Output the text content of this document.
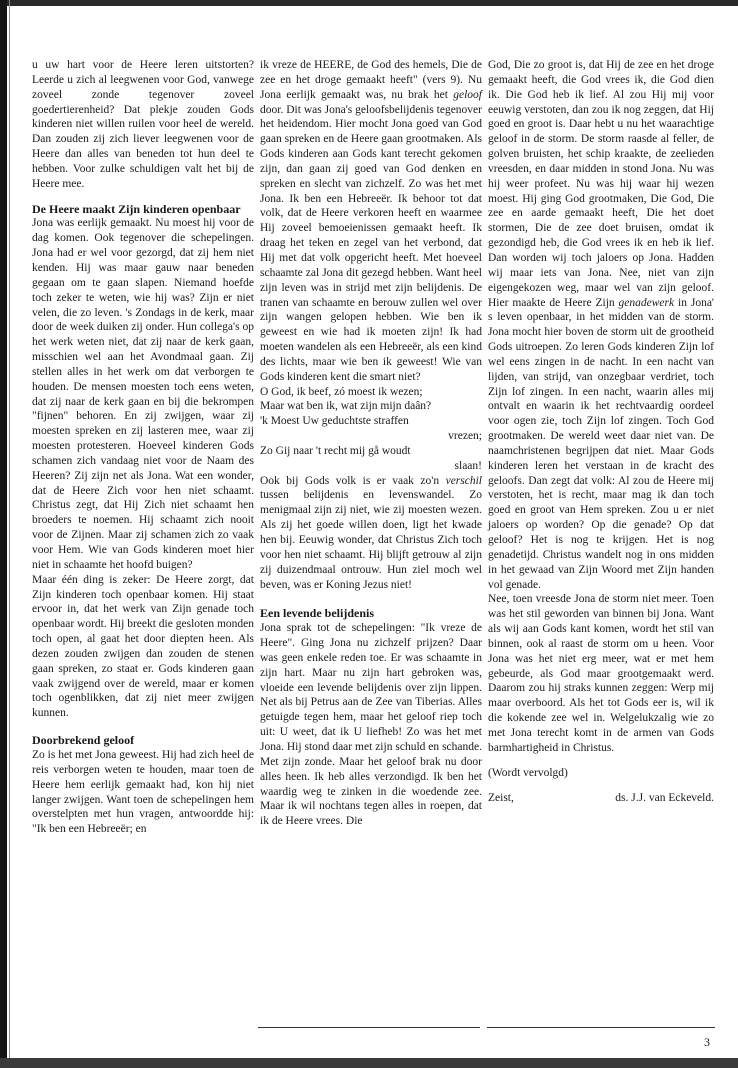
u uw hart voor de Heere leren uitstorten? Leerde u zich al leegwenen voor God, vanwege zoveel zonde tegenover zoveel goedertierenheid? Dat plekje zouden Gods kinderen niet willen ruilen voor heel de wereld. Dan zouden zij zich liever leegwenen voor de Heere dan alles van beneden tot hun deel te hebben. Voor zulke schuldigen valt het bij de Heere mee.

De Heere maakt Zijn kinderen openbaar

Jona was eerlijk gemaakt. Nu moest hij voor de dag komen. Ook tegenover die schepelingen. Jona had er wel voor gezorgd, dat zij hem niet kenden. Hij was maar gauw naar beneden gegaan om te gaan slapen. Niemand hoefde toch zeker te weten, wie hij was? Zijn er niet velen, die zo leven. 's Zondags in de kerk, maar door de week duiken zij onder. Hun collega's op het werk weten niet, dat zij naar de kerk gaan, misschien wel aan het Avondmaal gaan. Zij stellen alles in het werk om dat verborgen te houden. De mensen moesten toch eens weten, dat zij naar de kerk gaan en bij die bekrompen "fijnen" behoren. En zij zwijgen, waar zij moesten spreken en zij lasteren mee, waar zij moesten protesteren. Hoeveel kinderen Gods schamen zich vandaag niet voor de Naam des Heeren? Zij zijn net als Jona. Wat een wonder, dat de Heere Zich voor hen niet schaamt. Christus zegt, dat Hij Zich niet schaamt hen broeders te noemen. Hij schaamt zich nooit voor de Zijnen. Maar zij schamen zich zo vaak voor Hem. Wie van Gods kinderen moet hier niet in schaamte het hoofd buigen?

Maar één ding is zeker: De Heere zorgt, dat Zijn kinderen toch openbaar komen. Hij staat ervoor in, dat het werk van Zijn genade toch openbaar wordt. Hij breekt die gesloten monden toch open, al gaat het door diepten heen. Als dezen zouden zwijgen dan zouden de stenen gaan spreken, zo staat er. Gods kinderen gaan vaak zwijgend over de wereld, maar er komen toch ogenblikken, dat zij niet meer zwijgen kunnen.

Doorbrekend geloof

Zo is het met Jona geweest. Hij had zich heel de reis verborgen weten te houden, maar toen de Heere hem eerlijk gemaakt had, kon hij niet langer zwijgen. Want toen de schepelingen hem overstelpten met hun vragen, antwoordde hij: "Ik ben een Hebreeër; en

ik vreze de HEERE, de God des hemels, Die de zee en het droge gemaakt heeft" (vers 9). Nu Jona eerlijk gemaakt was, nu brak het geloof door. Dit was Jona's geloofsbelijdenis tegenover het heidendom. Hier mocht Jona goed van God gaan spreken en de Heere gaan grootmaken. Als Gods kinderen aan Gods kant terecht gekomen zijn, dan gaan zij goed van God denken en spreken en slecht van zichzelf. Zo was het met Jona. Ik ben een Hebreeër. Ik behoor tot dat volk, dat de Heere verkoren heeft en waarmee Hij zoveel bemoeienissen gemaakt heeft. Ik draag het teken en zegel van het verbond, dat Hij met dat volk opgericht heeft. Met hoeveel schaamte zal Jona dit gezegd hebben. Want heel zijn leven was in strijd met zijn belijdenis. De tranen van schaamte en berouw zullen wel over zijn wangen gelopen hebben. Wie ben ik geweest en wie had ik moeten zijn! Ik had moeten wandelen als een Hebreeër, als een kind des lichts, maar wie ben ik geweest! Wie van Gods kinderen kent die smart niet?

O God, ik beef, zó moest ik wezen;
Maar wat ben ik, wat zijn mijn daân?
'k Moest Uw geduchtste straffen
vrezen;
Zo Gij naar 't recht mij gå woudt
slaan!

Ook bij Gods volk is er vaak zo'n verschil tussen belijdenis en levenswandel. Zo menigmaal zijn zij niet, wie zij moesten wezen. Als zij het goede willen doen, ligt het kwade hen bij. Eeuwig wonder, dat Christus Zich toch voor hen niet schaamt. Hij blijft getrouw al zijn zij duizendmaal ontrouw. Hun ziel moch wel beven, was er Koning Jezus niet!

Een levende belijdenis

Jona sprak tot de schepelingen: "Ik vreze de Heere". Ging Jona nu zichzelf prijzen? Daar was geen enkele reden toe. Er was schaamte in zijn hart. Maar nu zijn hart gebroken was, vloeide een levende belijdenis over zijn lippen. Net als bij Petrus aan de Zee van Tiberias. Alles getuigde tegen hem, maar het geloof riep toch uit: U weet, dat ik U liefheb! Zo was het met Jona. Hij stond daar met zijn schuld en schande. Met zijn zonde. Maar het geloof brak nu door alles heen. Ik heb alles verzondigd. Ik ben het waardig weg te zinken in die woedende zee. Maar ik wil nochtans tegen alles in roepen, dat ik de Heere vrees. Die

God, Die zo groot is, dat Hij de zee en het droge gemaakt heeft, die God vrees ik, die God dien ik. Die God heb ik lief. Al zou Hij mij voor eeuwig verstoten, dan zou ik nog zeggen, dat Hij goed en groot is. Daar hebt u nu het waarachtige geloof in de storm. De storm raasde al feller, de golven bruisten, het schip kraakte, de zeelieden vreesden, en daar midden in stond Jona. Nu was hij weer profeet. Nu was hij waar hij wezen moest. Hij ging God grootmaken, Die God, Die zee en aarde gemaakt heeft, Die het doet stormen, Die de zee doet bruisen, omdat ik gezondigd heb, die God vrees ik en heb ik lief. Dan worden wij toch jaloers op Jona. Hadden wij maar iets van Jona. Nee, niet van zijn eigengekozen weg, maar wel van zijn geloof. Hier maakte de Heere Zijn genadewerk in Jona' s leven openbaar, in het midden van de storm. Jona mocht hier boven de storm uit de grootheid Gods uitroepen. Zo leren Gods kinderen Zijn lof wel eens zingen in de nacht. In een nacht van lijden, van strijd, van onzegbaar verdriet, toch Zijn lof zingen. In een nacht, waarin alles mij ontvalt en waarin ik het rechtvaardig oordeel voor ogen zie, toch Zijn lof zingen. Toch God grootmaken. De wereld weet daar niet van. De naamchristenen begrijpen dat niet. Maar Gods kinderen leren het verstaan in de kracht des geloofs. Dan zegt dat volk: Al zou de Heere mij verstoten, het is recht, maar mag ik dan toch goed en groot van Hem spreken. Zou u er niet jaloers op worden? Op die genade? Op dat geloof? Het is nog te krijgen. Het is nog genadetijd. Christus wandelt nog in ons midden in het gewaad van Zijn Woord met Zijn handen vol genade.

Nee, toen vreesde Jona de storm niet meer. Toen was het stil geworden van binnen bij Jona. Want als wij aan Gods kant komen, wordt het stil van binnen, ook al raast de storm om u heen. Voor Jona was het niet erg meer, wat er met hem gebeurde, als God maar grootgemaakt werd. Daarom zou hij straks kunnen zeggen: Werp mij maar overboord. Als het tot Gods eer is, wil ik die kokende zee wel in. Welgelukzalig wie zo met Jona terecht komt in de armen van Gods barmhartigheid in Christus.

(Wordt vervolgd)

Zeist,	ds. J.J. van Eckeveld.
3
